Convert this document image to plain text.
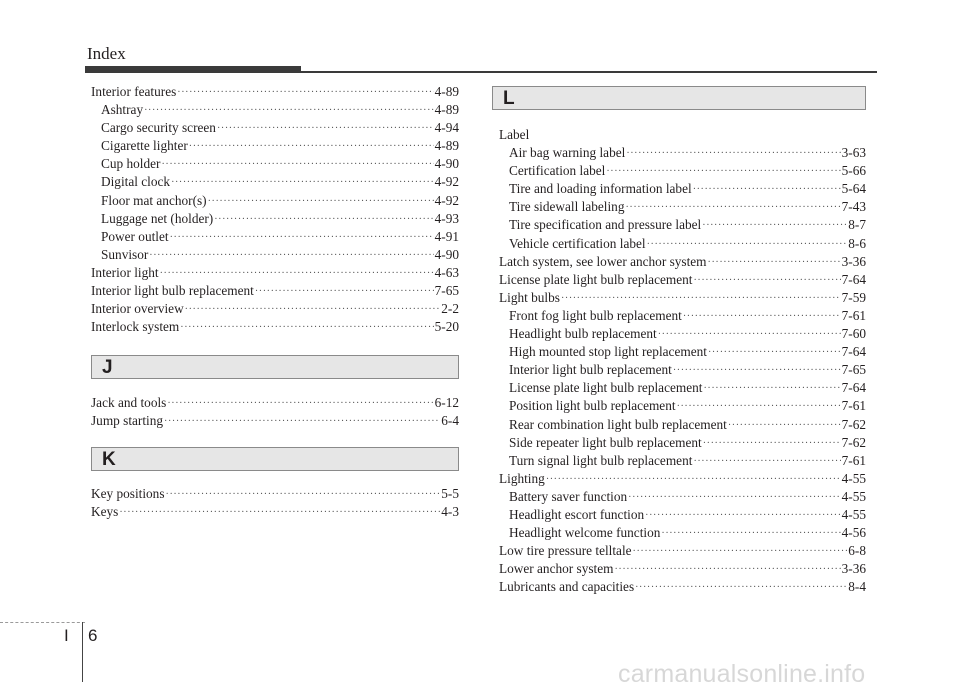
Index
Interior features ·····	4-89
Ashtray ·····	4-89
Cargo security screen ·····	4-94
Cigarette lighter ·····	4-89
Cup holder ·····	4-90
Digital clock ·····	4-92
Floor mat anchor(s) ·····	4-92
Luggage net (holder) ·····	4-93
Power outlet ·····	4-91
Sunvisor ·····	4-90
Interior light ·····	4-63
Interior light bulb replacement ·····	7-65
Interior overview ·····	2-2
Interlock system ·····	5-20
J
Jack and tools ·····	6-12
Jump starting ·····	6-4
K
Key positions ·····	5-5
Keys ·····	4-3
L
Label
Air bag warning label ·····	3-63
Certification label ·····	5-66
Tire and loading information label ·····	5-64
Tire sidewall labeling ·····	7-43
Tire specification and pressure label ·····	8-7
Vehicle certification label ·····	8-6
Latch system, see lower anchor system ·····	3-36
License plate light bulb replacement ·····	7-64
Light bulbs ·····	7-59
Front fog light bulb replacement ·····	7-61
Headlight bulb replacement ·····	7-60
High mounted stop light replacement ·····	7-64
Interior light bulb replacement ·····	7-65
License plate light bulb replacement ·····	7-64
Position light bulb replacement ·····	7-61
Rear combination light bulb replacement ·····	7-62
Side repeater light bulb replacement ·····	7-62
Turn signal light bulb replacement ·····	7-61
Lighting ·····	4-55
Battery saver function ·····	4-55
Headlight escort function ·····	4-55
Headlight welcome function ·····	4-56
Low tire pressure telltale ·····	6-8
Lower anchor system ·····	3-36
Lubricants and capacities ·····	8-4
I 6
carmanualsonline.info
